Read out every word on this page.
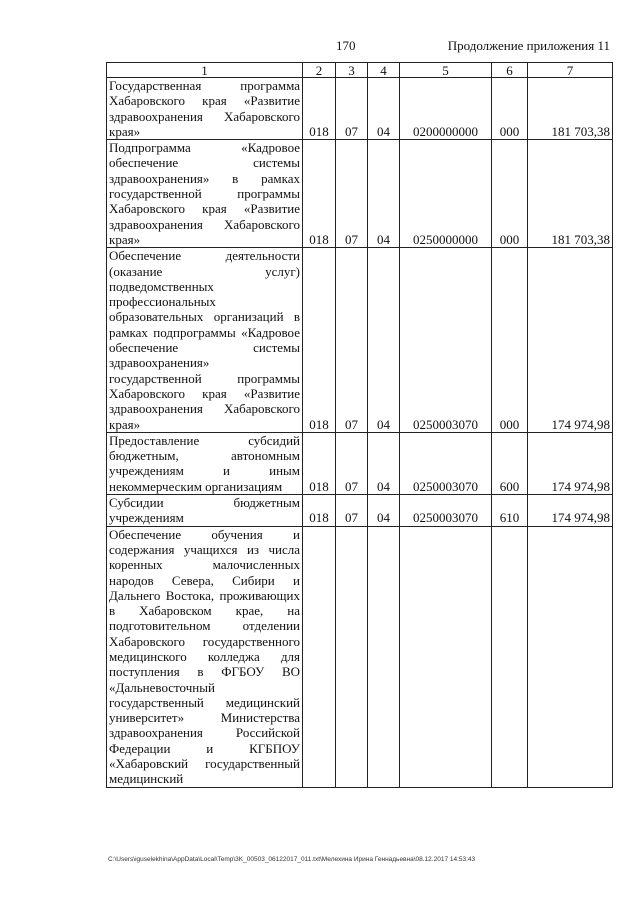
170	Продолжение приложения 11
1	2	3	4	5	6	7
Государственная программа Хабаровского края «Развитие здравоохранения Хабаровского края»	018	07	04	0200000000	000	181 703,38
Подпрограмма «Кадровое обеспечение системы здравоохранения» в рамках государственной программы Хабаровского края «Развитие здравоохранения Хабаровского края»	018	07	04	0250000000	000	181 703,38
Обеспечение деятельности (оказание услуг) подведомственных профессиональных образовательных организаций в рамках подпрограммы «Кадровое обеспечение системы здравоохранения» государственной программы Хабаровского края «Развитие здравоохранения Хабаровского края»	018	07	04	0250003070	000	174 974,98
Предоставление субсидий бюджетным, автономным учреждениям и иным некоммерческим организациям	018	07	04	0250003070	600	174 974,98
Субсидии бюджетным учреждениям	018	07	04	0250003070	610	174 974,98
Обеспечение обучения и содержания учащихся из числа коренных малочисленных народов Севера, Сибири и Дальнего Востока, проживающих в Хабаровском крае, на подготовительном отделении Хабаровского государственного медицинского колледжа для поступления в ФГБОУ ВО «Дальневосточный государственный медицинский университет» Министерства здравоохранения Российской Федерации и КГБПОУ «Хабаровский государственный медицинский						
C:\Users\iguselekhina\AppData\Local\Temp\3K_00503_06122017_011.txt\Мелехина Ирина Геннадьевна\08.12.2017 14:53:43
